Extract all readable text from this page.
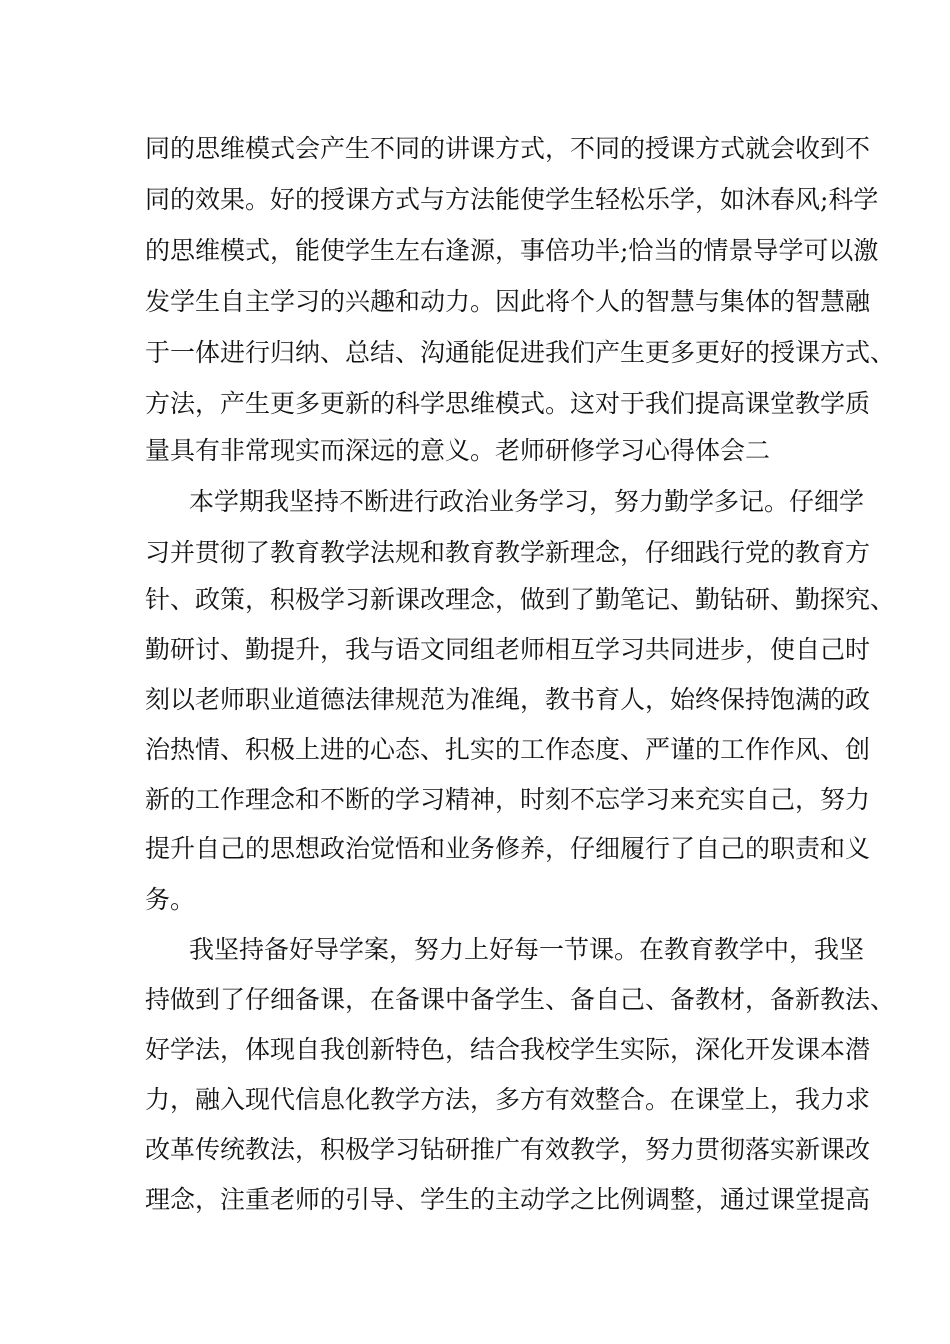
同的思维模式会产生不同的讲课方式，不同的授课方式就会收到不
同的效果。好的授课方式与方法能使学生轻松乐学，如沐春风;科学
的思维模式，能使学生左右逢源，事倍功半;恰当的情景导学可以激
发学生自主学习的兴趣和动力。因此将个人的智慧与集体的智慧融
于一体进行归纳、总结、沟通能促进我们产生更多更好的授课方式、
方法，产生更多更新的科学思维模式。这对于我们提高课堂教学质
量具有非常现实而深远的意义。老师研修学习心得体会二
本学期我坚持不断进行政治业务学习，努力勤学多记。仔细学
习并贯彻了教育教学法规和教育教学新理念，仔细践行党的教育方
针、政策，积极学习新课改理念，做到了勤笔记、勤钻研、勤探究、
勤研讨、勤提升，我与语文同组老师相互学习共同进步，使自己时
刻以老师职业道德法律规范为准绳，教书育人，始终保持饱满的政
治热情、积极上进的心态、扎实的工作态度、严谨的工作作风、创
新的工作理念和不断的学习精神，时刻不忘学习来充实自己，努力
提升自己的思想政治觉悟和业务修养，仔细履行了自己的职责和义
务。
我坚持备好导学案，努力上好每一节课。在教育教学中，我坚
持做到了仔细备课，在备课中备学生、备自己、备教材，备新教法、
好学法，体现自我创新特色，结合我校学生实际，深化开发课本潜
力，融入现代信息化教学方法，多方有效整合。在课堂上，我力求
改革传统教法，积极学习钻研推广有效教学，努力贯彻落实新课改
理念，注重老师的引导、学生的主动学之比例调整，通过课堂提高
